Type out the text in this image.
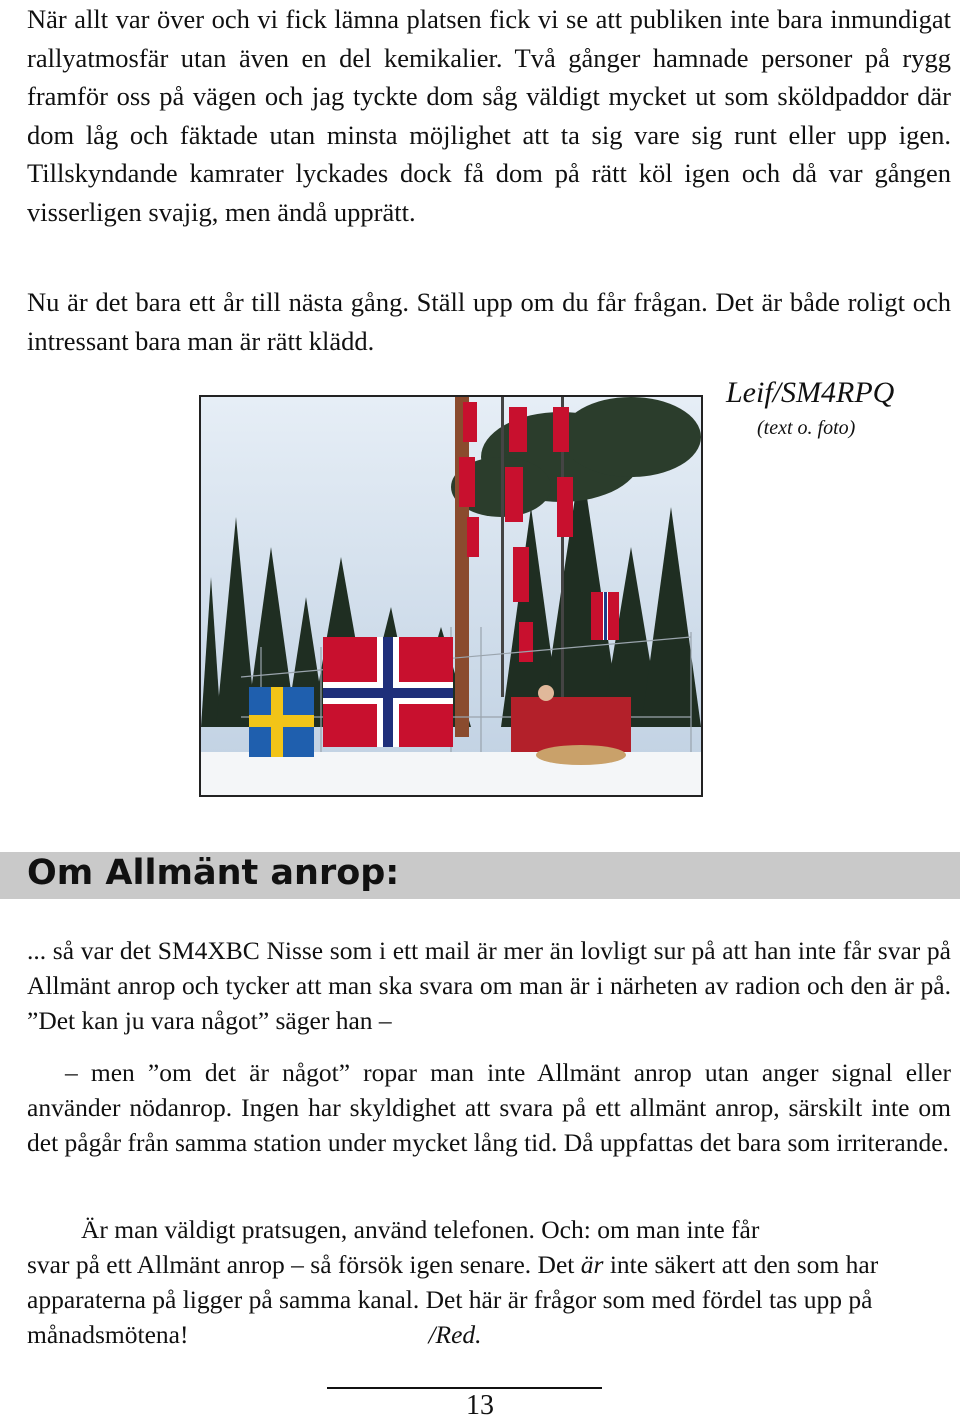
När allt var över och vi fick lämna platsen fick vi se att publiken inte bara inmundigat rallyatmosfär utan även en del kemikalier. Två gånger hamnade personer på rygg framför oss på vägen och jag tyckte dom såg väldigt mycket ut som sköldpaddor där dom låg och fäktade utan minsta möjlighet att ta sig vare sig runt eller upp igen. Tillskyndande kamrater lyckades dock få dom på rätt köl igen och då var gången visserligen svajig, men ändå upprätt.

Nu är det bara ett år till nästa gång. Ställ upp om du får frågan. Det är både roligt och intressant bara man är rätt klädd.

Leif/SM4RPQ
(text o. foto)
Om Allmänt anrop:

... så var det SM4XBC Nisse som i ett mail är mer än lovligt sur på att han inte får svar på Allmänt anrop och tycker att man ska svara om man är i närheten av radion och den är på. ”Det kan ju vara något” säger han –

– men ”om det är något” ropar man inte Allmänt anrop utan anger signal eller använder nödanrop. Ingen har skyldighet att svara på ett allmänt anrop, särskilt inte om det pågår från samma station under mycket lång tid. Då uppfattas det bara som irriterande.

Är man väldigt pratsugen, använd telefonen. Och: om man inte får
svar på ett Allmänt anrop – så försök igen senare. Det är inte säkert att den som har apparaterna på ligger på samma kanal. Det här är frågor som med fördel tas upp på månadsmötena!	/Red.

13
